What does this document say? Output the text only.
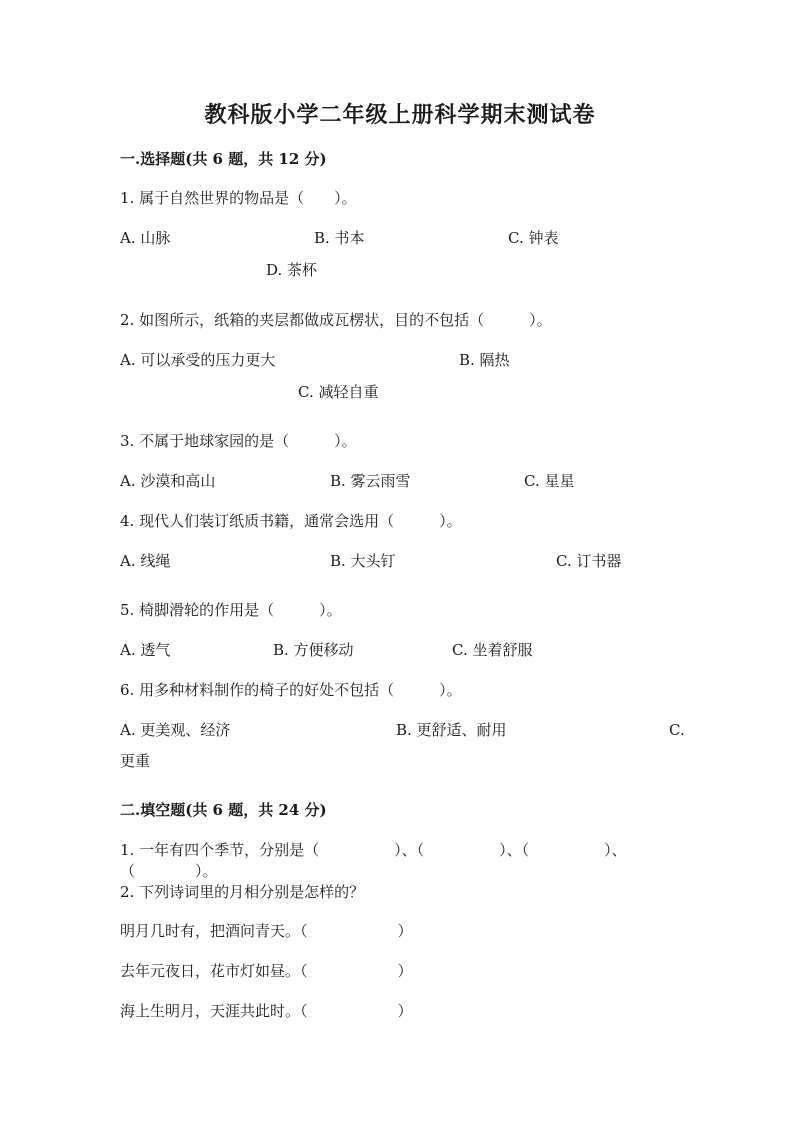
教科版小学二年级上册科学期末测试卷
一.选择题(共 6 题，共 12 分)
1. 属于自然世界的物品是（　　）。
A. 山脉	B. 书本	C. 钟表
D. 茶杯
2. 如图所示，纸箱的夹层都做成瓦楞状，目的不包括（　　　）。
A. 可以承受的压力更大	B. 隔热
C. 减轻自重
3. 不属于地球家园的是（　　　）。
A. 沙漠和高山	B. 雾云雨雪	C. 星星
4. 现代人们装订纸质书籍，通常会选用（　　　）。
A. 线绳	B. 大头钉	C. 订书器
5. 椅脚滑轮的作用是（　　　）。
A. 透气	B. 方便移动	C. 坐着舒服
6. 用多种材料制作的椅子的好处不包括（　　　）。
A. 更美观、经济	B. 更舒适、耐用	C.
更重
二.填空题(共 6 题，共 24 分)
1. 一年有四个季节，分别是（　　　　　）、（　　　　　）、（　　　　　）、
（　　　　）。
2. 下列诗词里的月相分别是怎样的？
明月几时有，把酒问青天。（　　　　　　）
去年元夜日，花市灯如昼。（　　　　　　）
海上生明月，天涯共此时。（　　　　　　）
